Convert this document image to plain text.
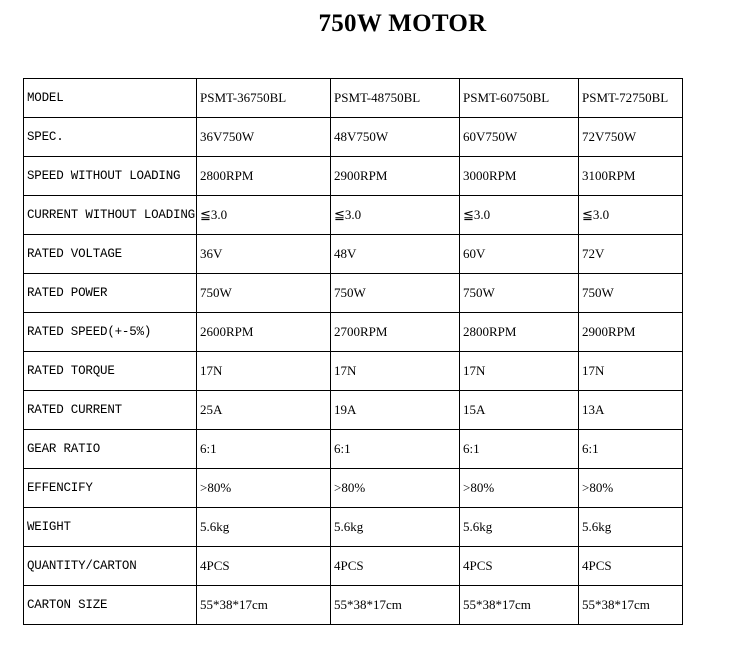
750W MOTOR
MODEL	PSMT-36750BL	PSMT-48750BL	PSMT-60750BL	PSMT-72750BL
SPEC.	36V750W	48V750W	60V750W	72V750W
SPEED WITHOUT LOADING	2800RPM	2900RPM	3000RPM	3100RPM
CURRENT WITHOUT LOADING	≦3.0	≦3.0	≦3.0	≦3.0
RATED VOLTAGE	36V	48V	60V	72V
RATED POWER	750W	750W	750W	750W
RATED SPEED(+-5%)	2600RPM	2700RPM	2800RPM	2900RPM
RATED TORQUE	17N	17N	17N	17N
RATED CURRENT	25A	19A	15A	13A
GEAR RATIO	6:1	6:1	6:1	6:1
EFFENCIFY	>80%	>80%	>80%	>80%
WEIGHT	5.6kg	5.6kg	5.6kg	5.6kg
QUANTITY/CARTON	4PCS	4PCS	4PCS	4PCS
CARTON SIZE	55*38*17cm	55*38*17cm	55*38*17cm	55*38*17cm
